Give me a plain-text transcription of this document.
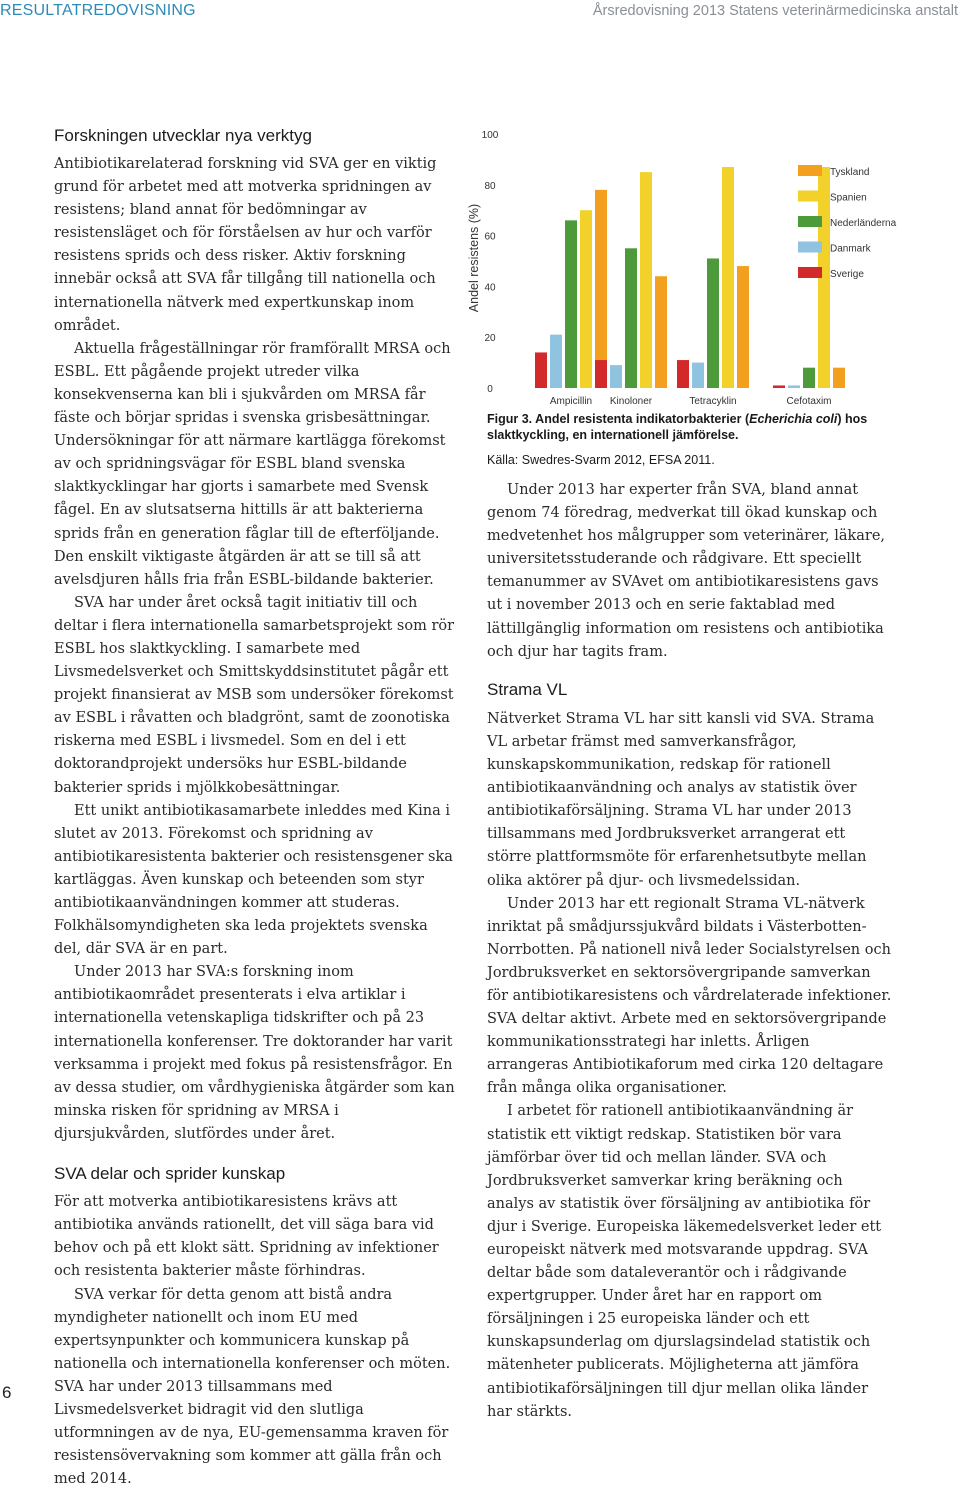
RESULTATREDOVISNING	Årsredovisning 2013 Statens veterinärmedicinska anstalt
Forskningen utvecklar nya verktyg

Antibiotikarelaterad forskning vid SVA ger en viktig grund för arbetet med att motverka spridningen av resistens; bland annat för bedömningar av resistensläget och för förståelsen av hur och varför resistens sprids och dess risker. Aktiv forskning innebär också att SVA får tillgång till nationella och internationella nätverk med expertkunskap inom området.

Aktuella frågeställningar rör framförallt MRSA och ESBL. Ett pågående projekt utreder vilka konsekvenserna kan bli i sjukvården om MRSA får fäste och börjar spridas i svenska grisbesättningar. Undersökningar för att närmare kartlägga förekomst av och spridningsvägar för ESBL bland svenska slaktkycklingar har gjorts i samarbete med Svensk fågel. En av slutsatserna hittills är att bakterierna sprids från en generation fåglar till de efterföljande. Den enskilt viktigaste åtgärden är att se till så att avelsdjuren hålls fria från ESBL-bildande bakterier.

SVA har under året också tagit initiativ till och deltar i flera internationella samarbetsprojekt som rör ESBL hos slaktkyckling. I samarbete med Livsmedelsverket och Smittskyddsinstitutet pågår ett projekt finansierat av MSB som undersöker förekomst av ESBL i råvatten och bladgrönt, samt de zoonotiska riskerna med ESBL i livsmedel. Som en del i ett doktorandprojekt undersöks hur ESBL-bildande bakterier sprids i mjölkkobesättningar.

Ett unikt antibiotikasamarbete inleddes med Kina i slutet av 2013. Förekomst och spridning av antibiotikaresistenta bakterier och resistensgener ska kartläggas. Även kunskap och beteenden som styr antibiotikaanvändningen kommer att studeras. Folkhälsomyndigheten ska leda projektets svenska del, där SVA är en part.

Under 2013 har SVA:s forskning inom antibiotikaområdet presenterats i elva artiklar i internationella vetenskapliga tidskrifter och på 23 internationella konferenser. Tre doktorander har varit verksamma i projekt med fokus på resistensfrågor. En av dessa studier, om vårdhygieniska åtgärder som kan minska risken för spridning av MRSA i djursjukvården, slutfördes under året.

SVA delar och sprider kunskap

För att motverka antibiotikaresistens krävs att antibiotika används rationellt, det vill säga bara vid behov och på ett klokt sätt. Spridning av infektioner och resistenta bakterier måste förhindras.

SVA verkar för detta genom att bistå andra myndigheter nationellt och inom EU med expertsynpunkter och kommunicera kunskap på nationella och internationella konferenser och möten. SVA har under 2013 tillsammans med Livsmedelsverket bidragit vid den slutliga utformningen av de nya, EU-gemensamma kraven för resistensövervakning som kommer att gälla från och med 2014.

0
20
40
60
80
100
Andel resistens (%)
Ampicillin Kinoloner	Tetracyklin	Cefotaxim
Tyskland
Spanien
Nederländerna
Danmark
Sverige
Figur 3. Andel resistenta indikatorbakterier (Echerichia coli) hos slaktkyckling, en internationell jämförelse.
Källa: Swedres-Svarm 2012, EFSA 2011.

Under 2013 har experter från SVA, bland annat genom 74 föredrag, medverkat till ökad kunskap och medvetenhet hos målgrupper som veterinärer, läkare, universitetsstuderande och rådgivare. Ett speciellt temanummer av SVAvet om antibiotikaresistens gavs ut i november 2013 och en serie faktablad med lättillgänglig information om resistens och antibiotika och djur har tagits fram.

Strama VL

Nätverket Strama VL har sitt kansli vid SVA. Strama VL arbetar främst med samverkansfrågor, kunskapskommunikation, redskap för rationell antibiotikaanvändning och analys av statistik över antibiotikaförsäljning. Strama VL har under 2013 tillsammans med Jordbruksverket arrangerat ett större plattformsmöte för erfarenhetsutbyte mellan olika aktörer på djur- och livsmedelssidan.

Under 2013 har ett regionalt Strama VL-nätverk inriktat på smådjurssjukvård bildats i Västerbotten-Norrbotten. På nationell nivå leder Socialstyrelsen och Jordbruksverket en sektorsövergripande samverkan för antibiotikaresistens och vårdrelaterade infektioner. SVA deltar aktivt. Arbete med en sektorsövergripande kommunikationsstrategi har inletts. Årligen arrangeras Antibiotikaforum med cirka 120 deltagare från många olika organisationer.

I arbetet för rationell antibiotikaanvändning är statistik ett viktigt redskap. Statistiken bör vara jämförbar över tid och mellan länder. SVA och Jordbruksverket samverkar kring beräkning och analys av statistik över försäljning av antibiotika för djur i Sverige. Europeiska läkemedelsverket leder ett europeiskt nätverk med motsvarande uppdrag. SVA deltar både som dataleverantör och i rådgivande expertgrupper. Under året har en rapport om försäljningen i 25 europeiska länder och ett kunskapsunderlag om djurslagsindelad statistik och mätenheter publicerats. Möjligheterna att jämföra antibiotikaförsäljningen till djur mellan olika länder har stärkts.

6
